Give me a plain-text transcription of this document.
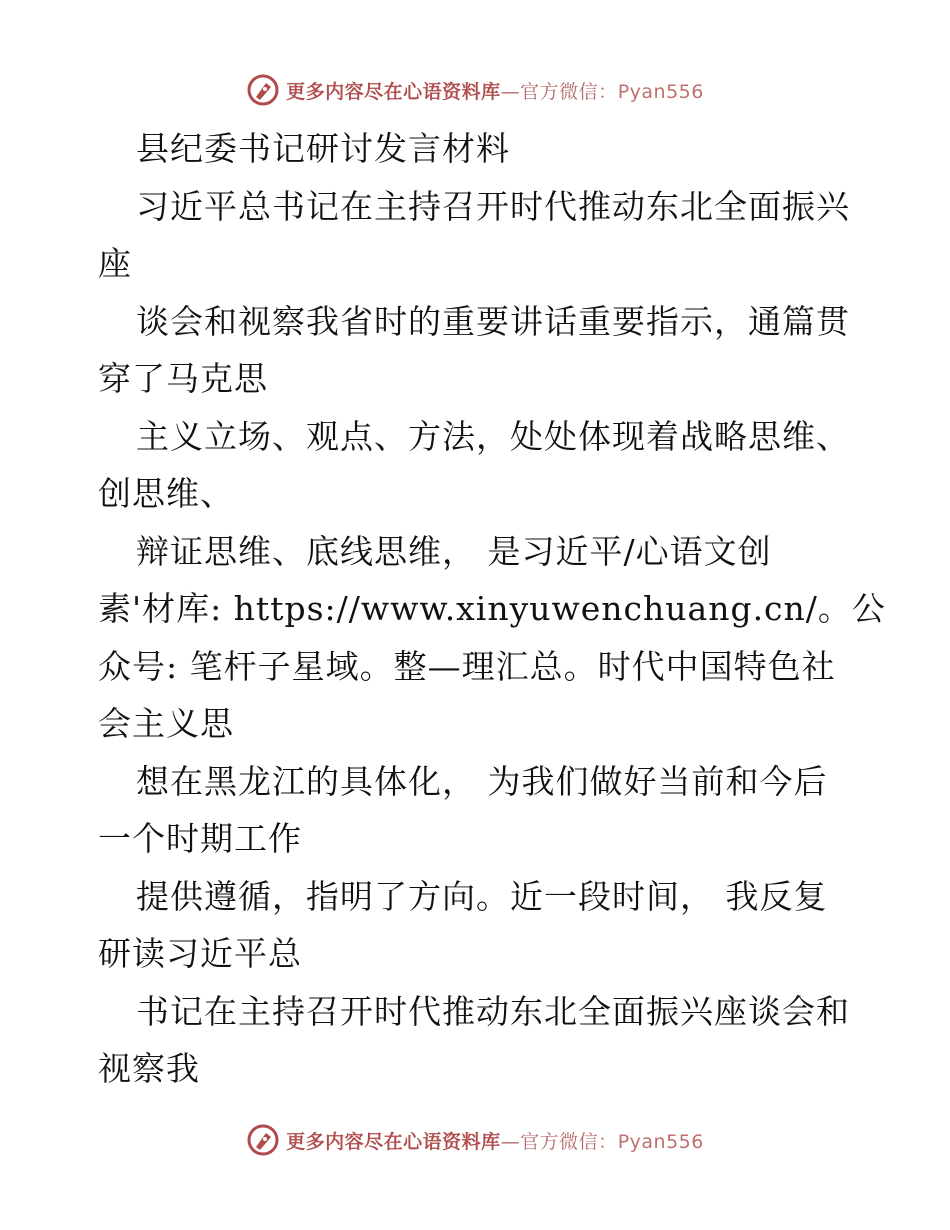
更多内容尽在心语资料库—官方微信：Pyan556
县纪委书记研讨发言材料
习近平总书记在主持召开时代推动东北全面振兴
座
谈会和视察我省时的重要讲话重要指示，通篇贯
穿了马克思
主义立场、观点、方法，处处体现着战略思维、
创思维、
辩证思维、底线思维， 是习近平/心语文创
素'材库: https://www.xinyuwenchuang.cn/。公
众号: 笔杆子星域。整—理汇总。时代中国特色社
会主义思
想在黑龙江的具体化， 为我们做好当前和今后
一个时期工作
提供遵循，指明了方向。近一段时间， 我反复
研读习近平总
书记在主持召开时代推动东北全面振兴座谈会和
视察我
更多内容尽在心语资料库—官方微信：Pyan556
